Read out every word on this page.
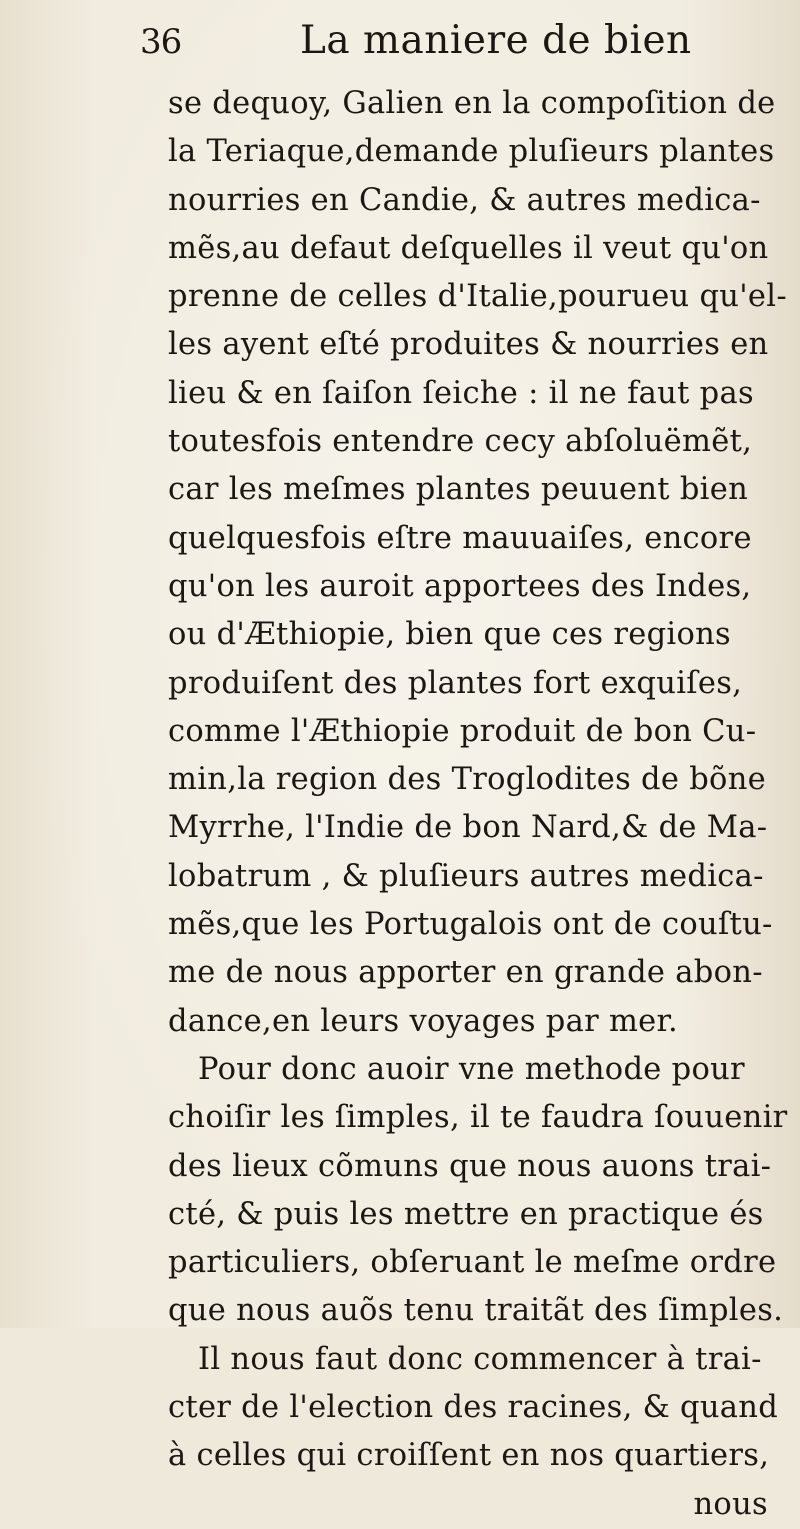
36	La maniere de bien
se dequoy, Galien en la compoſition de
la Teriaque,demande pluſieurs plantes
nourries en Candie, & autres medica-
mẽs,au defaut deſquelles il veut qu'on
prenne de celles d'Italie,pourueu qu'el-
les ayent eſté produites & nourries en
lieu & en ſaiſon ſeiche : il ne faut pas
toutesfois entendre cecy abſoluëmẽt,
car les meſmes plantes peuuent bien
quelquesfois eſtre mauuaiſes, encore
qu'on les auroit apportees des Indes,
ou d'Æthiopie, bien que ces regions
produiſent des plantes fort exquiſes,
comme l'Æthiopie produit de bon Cu-
min,la region des Troglodites de bõne
Myrrhe, l'Indie de bon Nard,& de Ma-
lobatrum , & pluſieurs autres medica-
mẽs,que les Portugalois ont de couſtu-
me de nous apporter en grande abon-
dance,en leurs voyages par mer.
Pour donc auoir vne methode pour
choiſir les ſimples, il te faudra ſouuenir
des lieux cõmuns que nous auons trai-
cté, & puis les mettre en practique és
particuliers, obſeruant le meſme ordre
que nous auõs tenu traitãt des ſimples.
Il nous faut donc commencer à trai-
cter de l'election des racines, & quand
à celles qui croiſſent en nos quartiers,
nous
